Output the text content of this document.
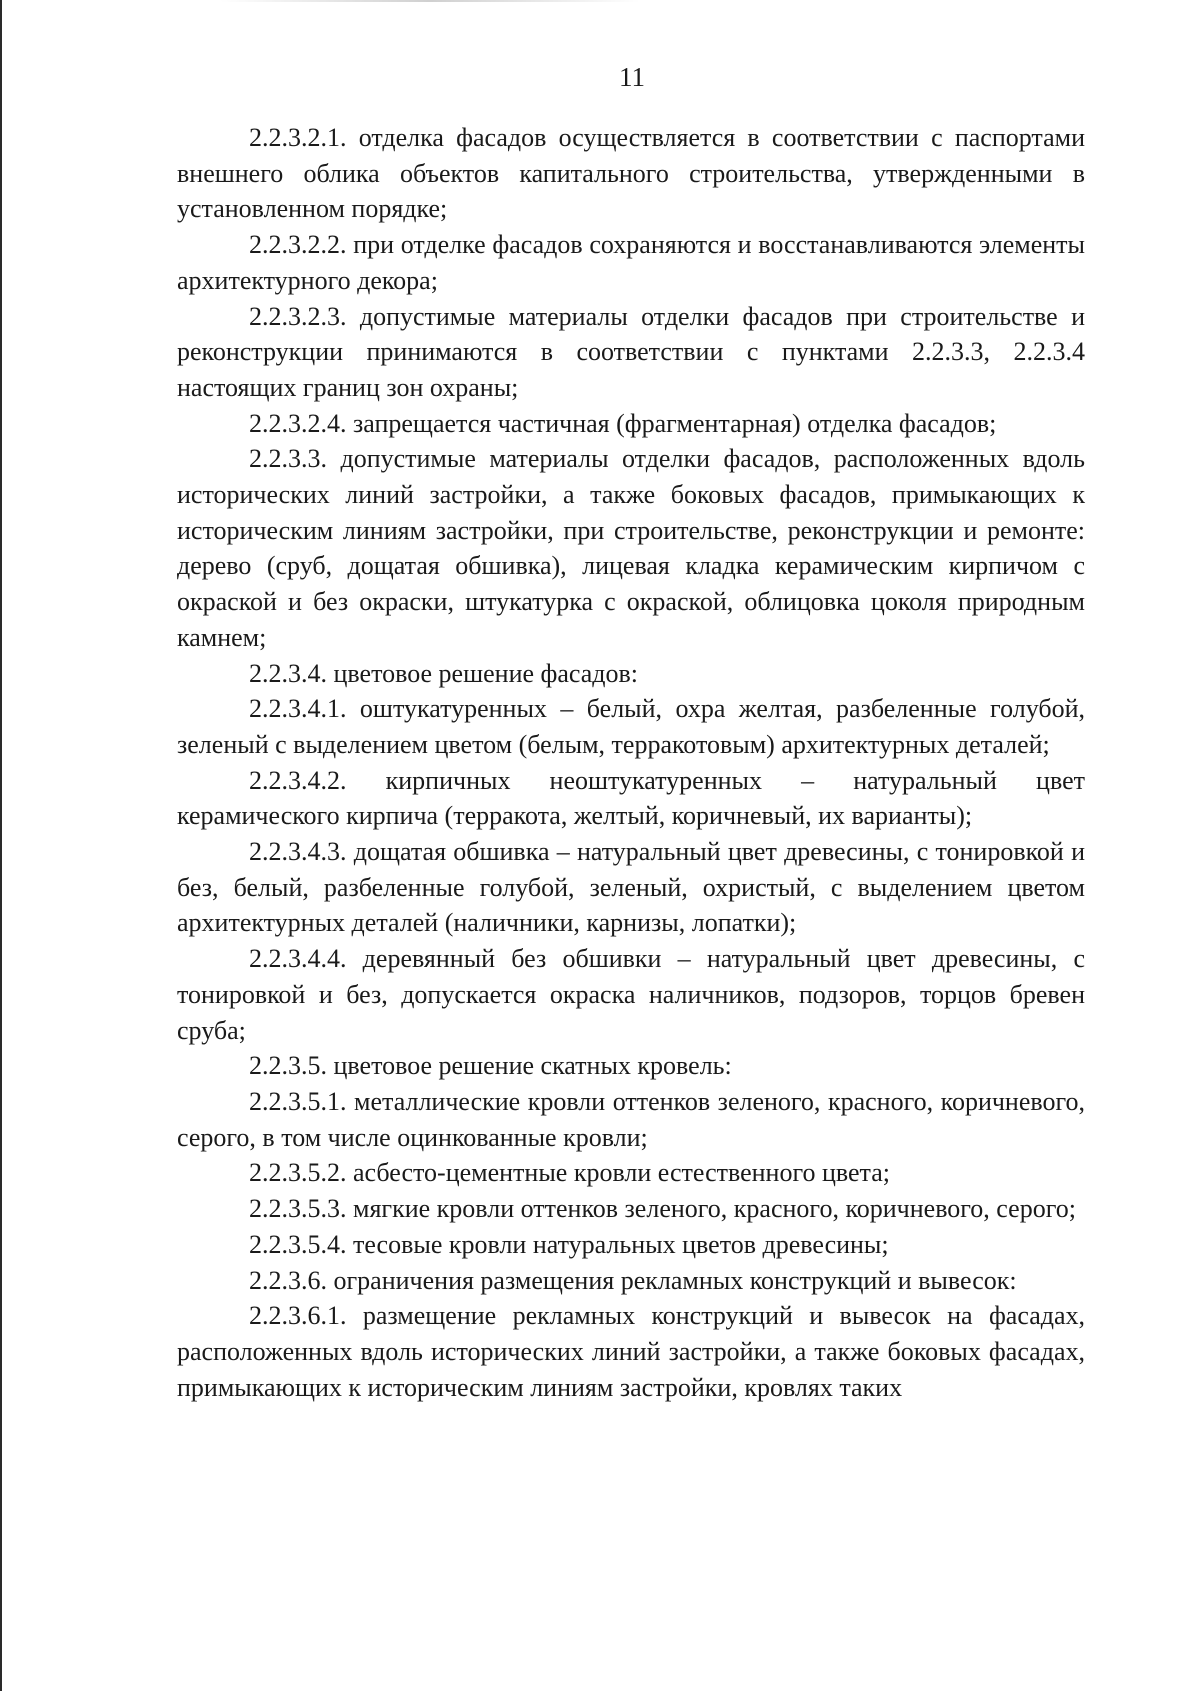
11

2.2.3.2.1. отделка фасадов осуществляется в соответствии с паспортами внешнего облика объектов капитального строительства, утвержденными в установленном порядке;

2.2.3.2.2. при отделке фасадов сохраняются и восстанавливаются элементы архитектурного декора;

2.2.3.2.3. допустимые материалы отделки фасадов при строительстве и реконструкции принимаются в соответствии с пунктами 2.2.3.3, 2.2.3.4 настоящих границ зон охраны;

2.2.3.2.4. запрещается частичная (фрагментарная) отделка фасадов;

2.2.3.3. допустимые материалы отделки фасадов, расположенных вдоль исторических линий застройки, а также боковых фасадов, примыкающих к историческим линиям застройки, при строительстве, реконструкции и ремонте: дерево (сруб, дощатая обшивка), лицевая кладка керамическим кирпичом с окраской и без окраски, штукатурка с окраской, облицовка цоколя природным камнем;

2.2.3.4. цветовое решение фасадов:

2.2.3.4.1. оштукатуренных – белый, охра желтая, разбеленные голубой, зеленый с выделением цветом (белым, терракотовым) архитектурных деталей;

2.2.3.4.2. кирпичных неоштукатуренных – натуральный цвет керамического кирпича (терракота, желтый, коричневый, их варианты);

2.2.3.4.3. дощатая обшивка – натуральный цвет древесины, с тонировкой и без, белый, разбеленные голубой, зеленый, охристый, с выделением цветом архитектурных деталей (наличники, карнизы, лопатки);

2.2.3.4.4. деревянный без обшивки – натуральный цвет древесины, с тонировкой и без, допускается окраска наличников, подзоров, торцов бревен сруба;

2.2.3.5. цветовое решение скатных кровель:

2.2.3.5.1. металлические кровли оттенков зеленого, красного, коричневого, серого, в том числе оцинкованные кровли;

2.2.3.5.2. асбесто-цементные кровли естественного цвета;

2.2.3.5.3. мягкие кровли оттенков зеленого, красного, коричневого, серого;

2.2.3.5.4. тесовые кровли натуральных цветов древесины;

2.2.3.6. ограничения размещения рекламных конструкций и вывесок:

2.2.3.6.1. размещение рекламных конструкций и вывесок на фасадах, расположенных вдоль исторических линий застройки, а также боковых фасадах, примыкающих к историческим линиям застройки, кровлях таких
